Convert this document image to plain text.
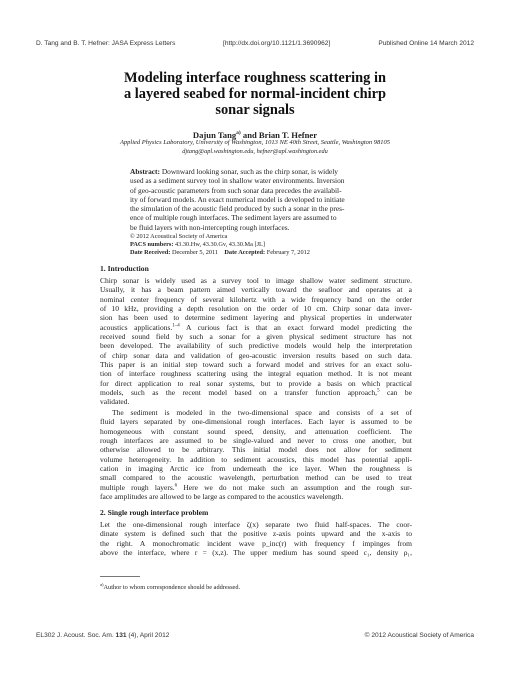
D. Tang and B. T. Hefner: JASA Express Letters	[http://dx.doi.org/10.1121/1.3690962]	Published Online 14 March 2012
Modeling interface roughness scattering in
a layered seabed for normal-incident chirp
sonar signals
Dajun Tang$^{a)}$ and Brian T. Hefner
Applied Physics Laboratory, University of Washington, 1013 NE 40th Street, Seattle, Washington 98105
djtang@apl.washington.edu, hefner@apl.washington.edu
Abstract: Downward looking sonar, such as the chirp sonar, is widely
used as a sediment survey tool in shallow water environments. Inversion
of geo-acoustic parameters from such sonar data precedes the availabil-
ity of forward models. An exact numerical model is developed to initiate
the simulation of the acoustic field produced by such a sonar in the pres-
ence of multiple rough interfaces. The sediment layers are assumed to
be fluid layers with non-intercepting rough interfaces.
© 2012 Acoustical Society of America
PACS numbers: 43.30.Hw, 43.30.Gv, 43.30.Ma [JL]
Date Received: December 5, 2011 Date Accepted: February 7, 2012
1. Introduction
Chirp sonar is widely used as a survey tool to image shallow water sediment structure.
Usually, it has a beam pattern aimed vertically toward the seafloor and operates at a
nominal center frequency of several kilohertz with a wide frequency band on the order
of 10 kHz, providing a depth resolution on the order of 10 cm. Chirp sonar data inver-
sion has been used to determine sediment layering and physical properties in underwater
acoustics applications.$^{1-4}$ A curious fact is that an exact forward model predicting the
received sound field by such a sonar for a given physical sediment structure has not
been developed. The availability of such predictive models would help the interpretation
of chirp sonar data and validation of geo-acoustic inversion results based on such data.
This paper is an initial step toward such a forward model and strives for an exact solu-
tion of interface roughness scattering using the integral equation method. It is not meant
for direct application to real sonar systems, but to provide a basis on which practical
models, such as the recent model based on a transfer function approach,$^5$ can be
validated.
The sediment is modeled in the two-dimensional space and consists of a set of
fluid layers separated by one-dimensional rough interfaces. Each layer is assumed to be
homogeneous with constant sound speed, density, and attenuation coefficient. The
rough interfaces are assumed to be single-valued and never to cross one another, but
otherwise allowed to be arbitrary. This initial model does not allow for sediment
volume heterogeneity. In addition to sediment acoustics, this model has potential appli-
cation in imaging Arctic ice from underneath the ice layer. When the roughness is
small compared to the acoustic wavelength, perturbation method can be used to treat
multiple rough layers.$^6$ Here we do not make such an assumption and the rough sur-
face amplitudes are allowed to be large as compared to the acoustics wavelength.
2. Single rough interface problem
Let the one-dimensional rough interface ζ(x) separate two fluid half-spaces. The coor-
dinate system is defined such that the positive z-axis points upward and the x-axis to
the right. A monochromatic incident wave p_inc(r) with frequency f impinges from
above the interface, where r = (x,z). The upper medium has sound speed c₁, density ρ₁,
$^{a)}$Author to whom correspondence should be addressed.
EL302 J. Acoust. Soc. Am. 131 (4), April 2012	© 2012 Acoustical Society of America
